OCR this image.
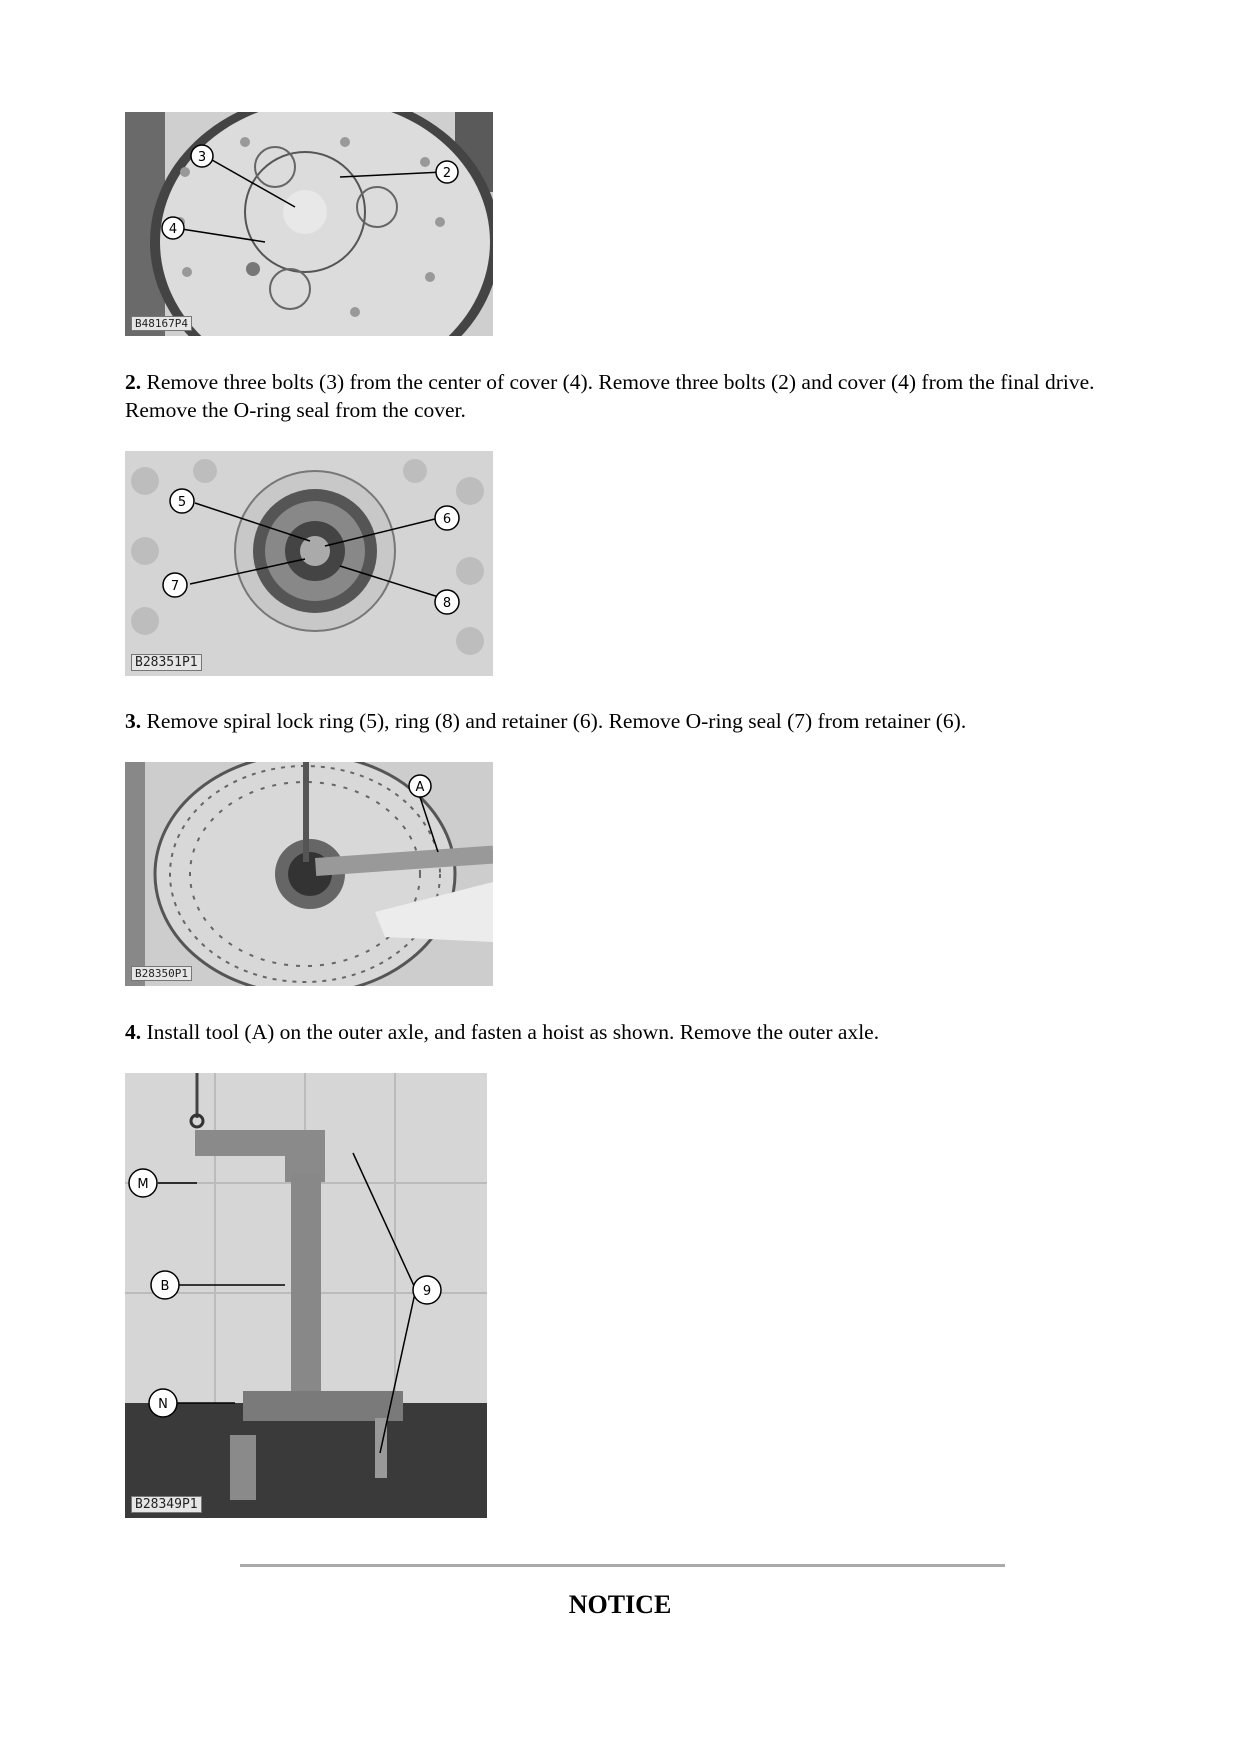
3
2
4
B48167P4
2. Remove three bolts (3) from the center of cover (4). Remove three bolts (2) and cover (4) from the final drive. Remove the O-ring seal from the cover.
5
6
7
8
B28351P1
3. Remove spiral lock ring (5), ring (8) and retainer (6). Remove O-ring seal (7) from retainer (6).
A
B28350P1
4. Install tool (A) on the outer axle, and fasten a hoist as shown. Remove the outer axle.
M
B
N
9
B28349P1
NOTICE
